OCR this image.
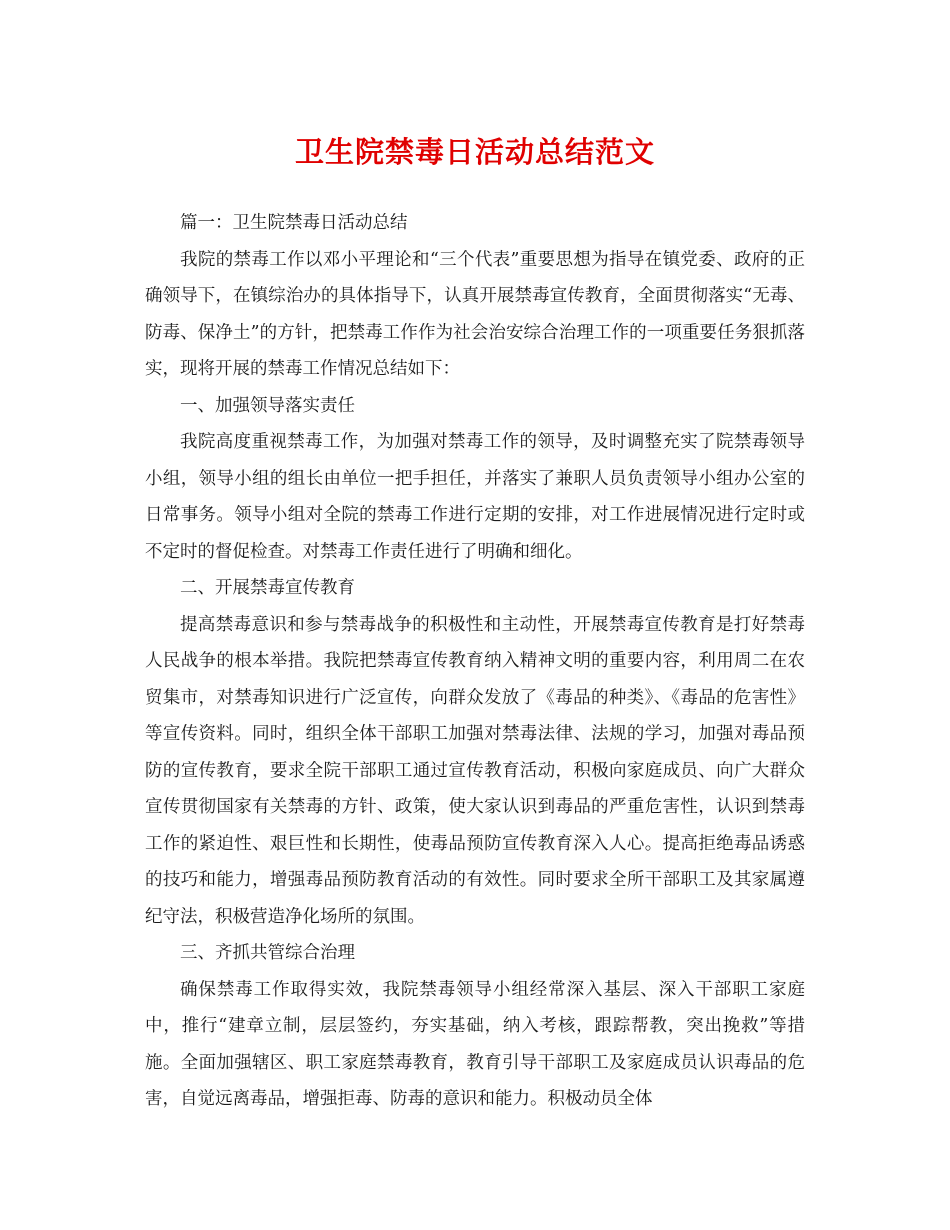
卫生院禁毒日活动总结范文

篇一：卫生院禁毒日活动总结

我院的禁毒工作以邓小平理论和“三个代表”重要思想为指导在镇党委、政府的正确领导下，在镇综治办的具体指导下，认真开展禁毒宣传教育，全面贯彻落实“无毒、防毒、保净土”的方针，把禁毒工作作为社会治安综合治理工作的一项重要任务狠抓落实，现将开展的禁毒工作情况总结如下：

一、加强领导落实责任

我院高度重视禁毒工作，为加强对禁毒工作的领导，及时调整充实了院禁毒领导小组，领导小组的组长由单位一把手担任，并落实了兼职人员负责领导小组办公室的日常事务。领导小组对全院的禁毒工作进行定期的安排，对工作进展情况进行定时或不定时的督促检查。对禁毒工作责任进行了明确和细化。

二、开展禁毒宣传教育

提高禁毒意识和参与禁毒战争的积极性和主动性，开展禁毒宣传教育是打好禁毒人民战争的根本举措。我院把禁毒宣传教育纳入精神文明的重要内容，利用周二在农贸集市，对禁毒知识进行广泛宣传，向群众发放了《毒品的种类》、《毒品的危害性》等宣传资料。同时，组织全体干部职工加强对禁毒法律、法规的学习，加强对毒品预防的宣传教育，要求全院干部职工通过宣传教育活动，积极向家庭成员、向广大群众宣传贯彻国家有关禁毒的方针、政策，使大家认识到毒品的严重危害性，认识到禁毒工作的紧迫性、艰巨性和长期性，使毒品预防宣传教育深入人心。提高拒绝毒品诱惑的技巧和能力，增强毒品预防教育活动的有效性。同时要求全所干部职工及其家属遵纪守法，积极营造净化场所的氛围。

三、齐抓共管综合治理

确保禁毒工作取得实效，我院禁毒领导小组经常深入基层、深入干部职工家庭中，推行“建章立制，层层签约，夯实基础，纳入考核，跟踪帮教，突出挽救”等措施。全面加强辖区、职工家庭禁毒教育，教育引导干部职工及家庭成员认识毒品的危害，自觉远离毒品，增强拒毒、防毒的意识和能力。积极动员全体
